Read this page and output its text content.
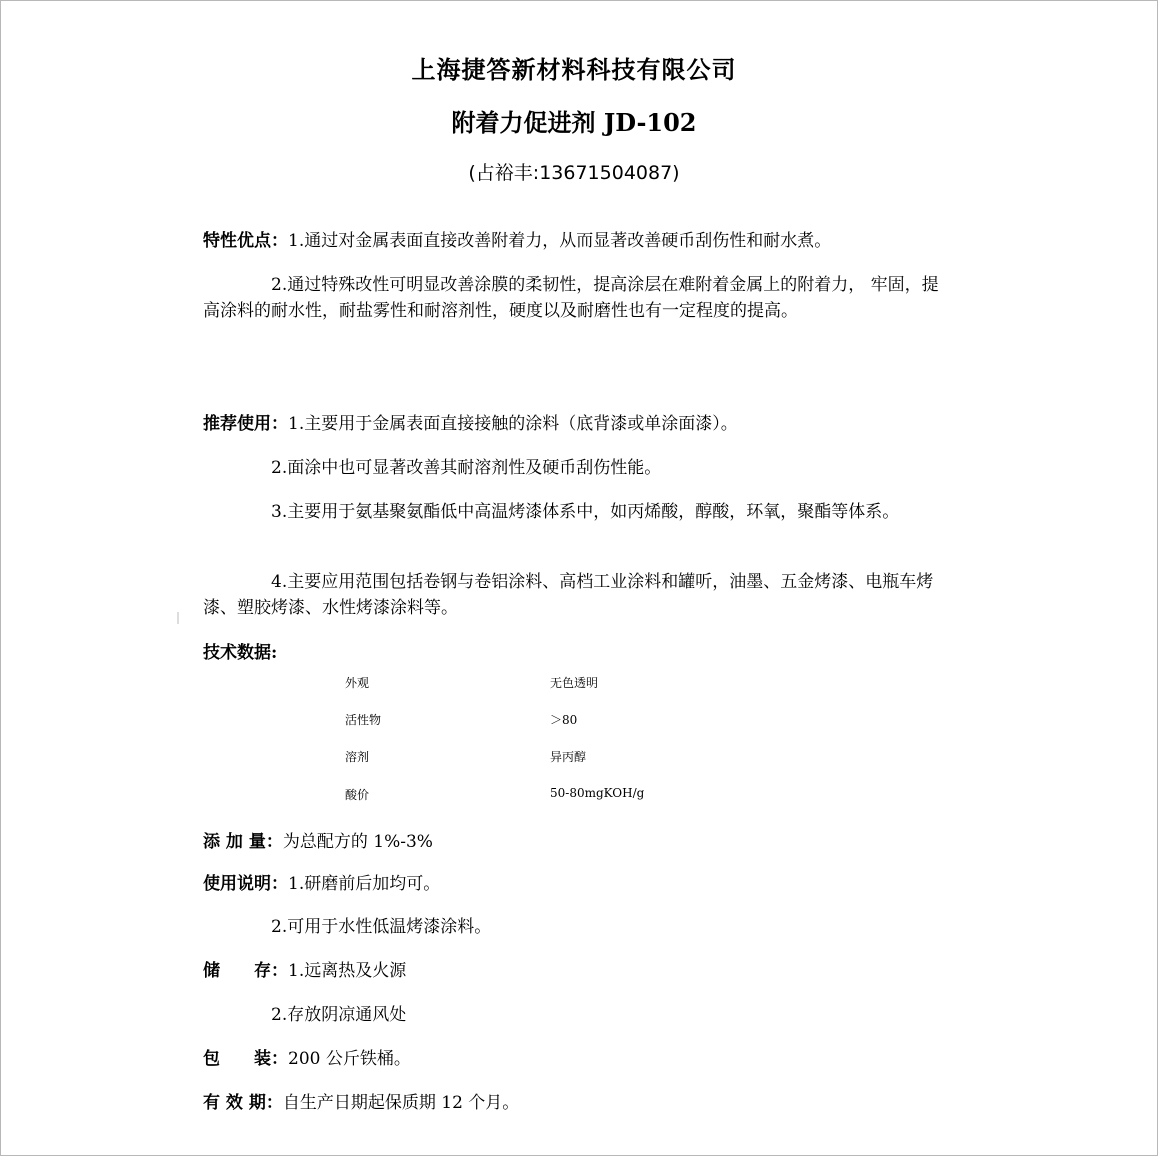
上海捷答新材料科技有限公司
附着力促进剂 JD-102
(占裕丰:13671504087)
特性优点：1.通过对金属表面直接改善附着力，从而显著改善硬币刮伤性和耐水煮。
2.通过特殊改性可明显改善涂膜的柔韧性，提高涂层在难附着金属上的附着力， 牢固，提高涂料的耐水性，耐盐雾性和耐溶剂性，硬度以及耐磨性也有一定程度的提高。
推荐使用：1.主要用于金属表面直接接触的涂料（底背漆或单涂面漆）。
2.面涂中也可显著改善其耐溶剂性及硬币刮伤性能。
3.主要用于氨基聚氨酯低中高温烤漆体系中，如丙烯酸，醇酸，环氧，聚酯等体系。
4.主要应用范围包括卷钢与卷铝涂料、高档工业涂料和罐听，油墨、五金烤漆、电瓶车烤漆、塑胶烤漆、水性烤漆涂料等。
技术数据:
外观	无色透明
活性物	＞80
溶剂	异丙醇
酸价	50-80mgKOH/g
添 加 量：为总配方的 1%-3%
使用说明：1.研磨前后加均可。
2.可用于水性低温烤漆涂料。
储　　存：1.远离热及火源
2.存放阴凉通风处
包　　装：200 公斤铁桶。
有 效 期：自生产日期起保质期 12 个月。
